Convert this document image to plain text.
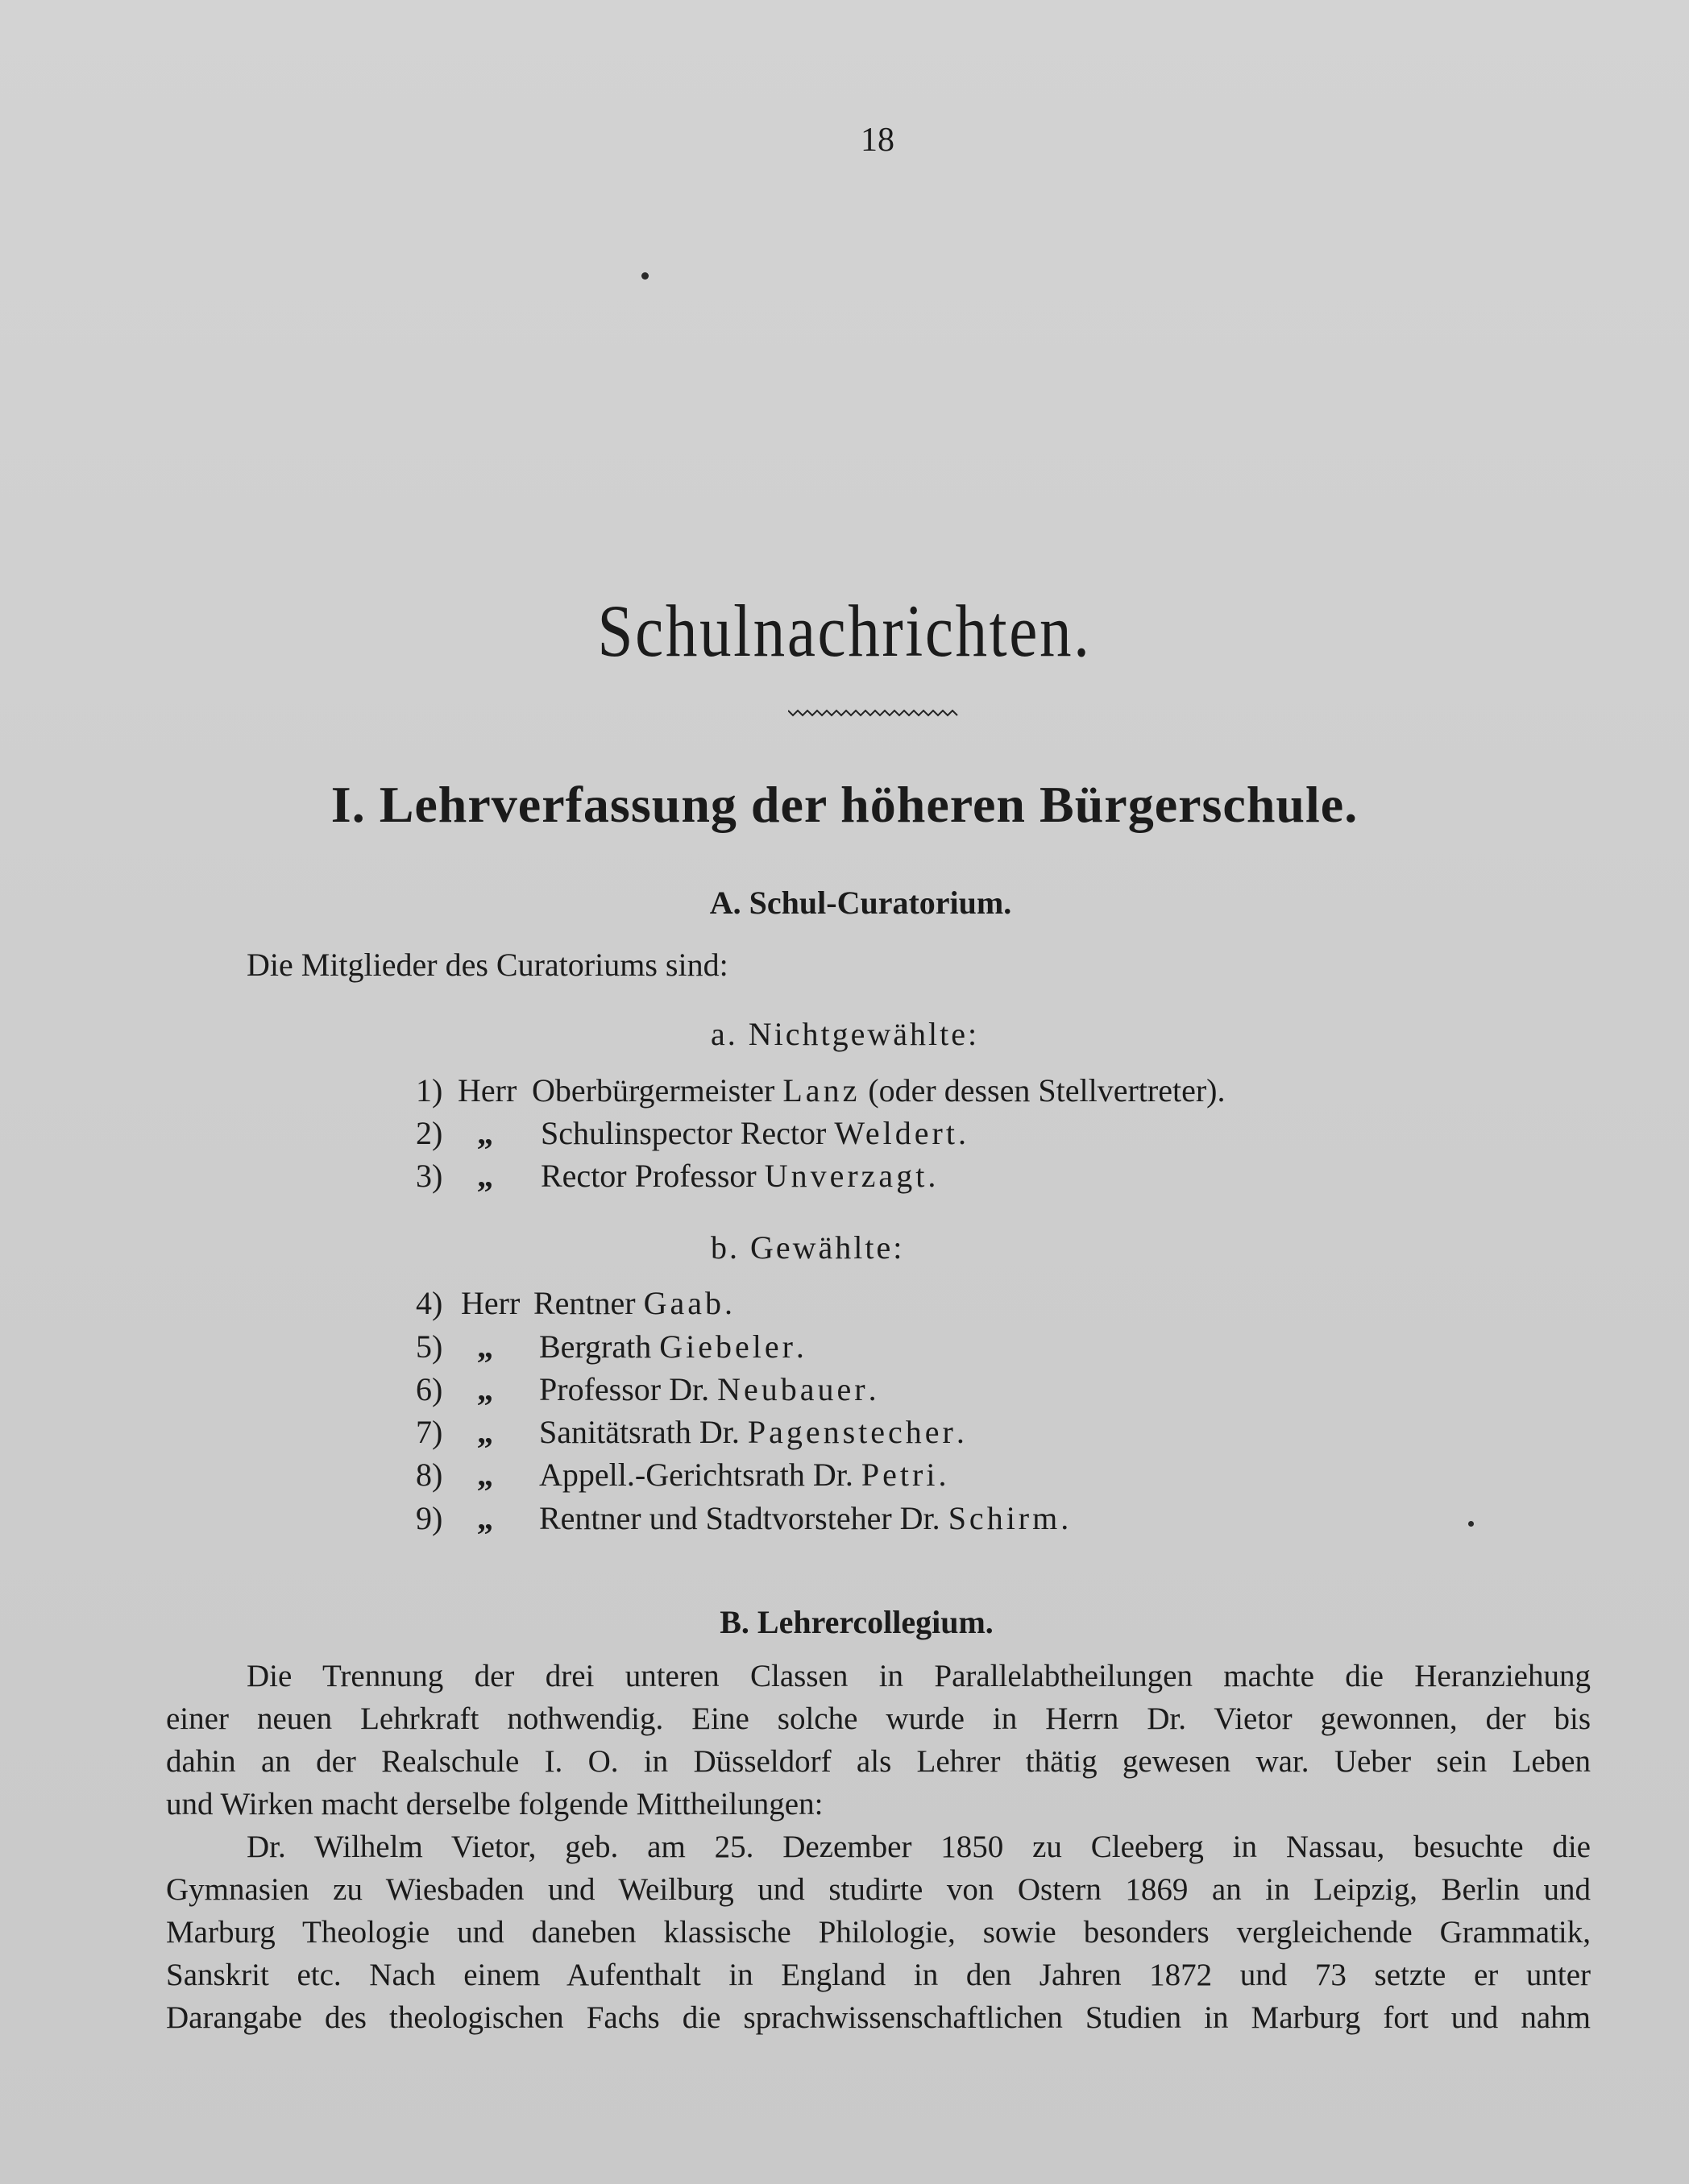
18
Schulnachrichten.
I. Lehrverfassung der höheren Bürgerschule.
A. Schul-Curatorium.
Die Mitglieder des Curatoriums sind:
a. Nichtgewählte:
1) Herr Oberbürgermeister Lanz (oder dessen Stellvertreter).
2) „ Schulinspector Rector Weldert.
3) „ Rector Professor Unverzagt.
b. Gewählte:
4) Herr Rentner Gaab.
5) „ Bergrath Giebeler.
6) „ Professor Dr. Neubauer.
7) „ Sanitätsrath Dr. Pagenstecher.
8) „ Appell.-Gerichtsrath Dr. Petri.
9) „ Rentner und Stadtvorsteher Dr. Schirm.
B. Lehrercollegium.
Die Trennung der drei unteren Classen in Parallelabtheilungen machte die Heranziehung
einer neuen Lehrkraft nothwendig. Eine solche wurde in Herrn Dr. Vietor gewonnen, der bis
dahin an der Realschule I. O. in Düsseldorf als Lehrer thätig gewesen war. Ueber sein Leben
und Wirken macht derselbe folgende Mittheilungen:
Dr. Wilhelm Vietor, geb. am 25. Dezember 1850 zu Cleeberg in Nassau, besuchte die
Gymnasien zu Wiesbaden und Weilburg und studirte von Ostern 1869 an in Leipzig, Berlin und
Marburg Theologie und daneben klassische Philologie, sowie besonders vergleichende Grammatik,
Sanskrit etc. Nach einem Aufenthalt in England in den Jahren 1872 und 73 setzte er unter
Darangabe des theologischen Fachs die sprachwissenschaftlichen Studien in Marburg fort und nahm
